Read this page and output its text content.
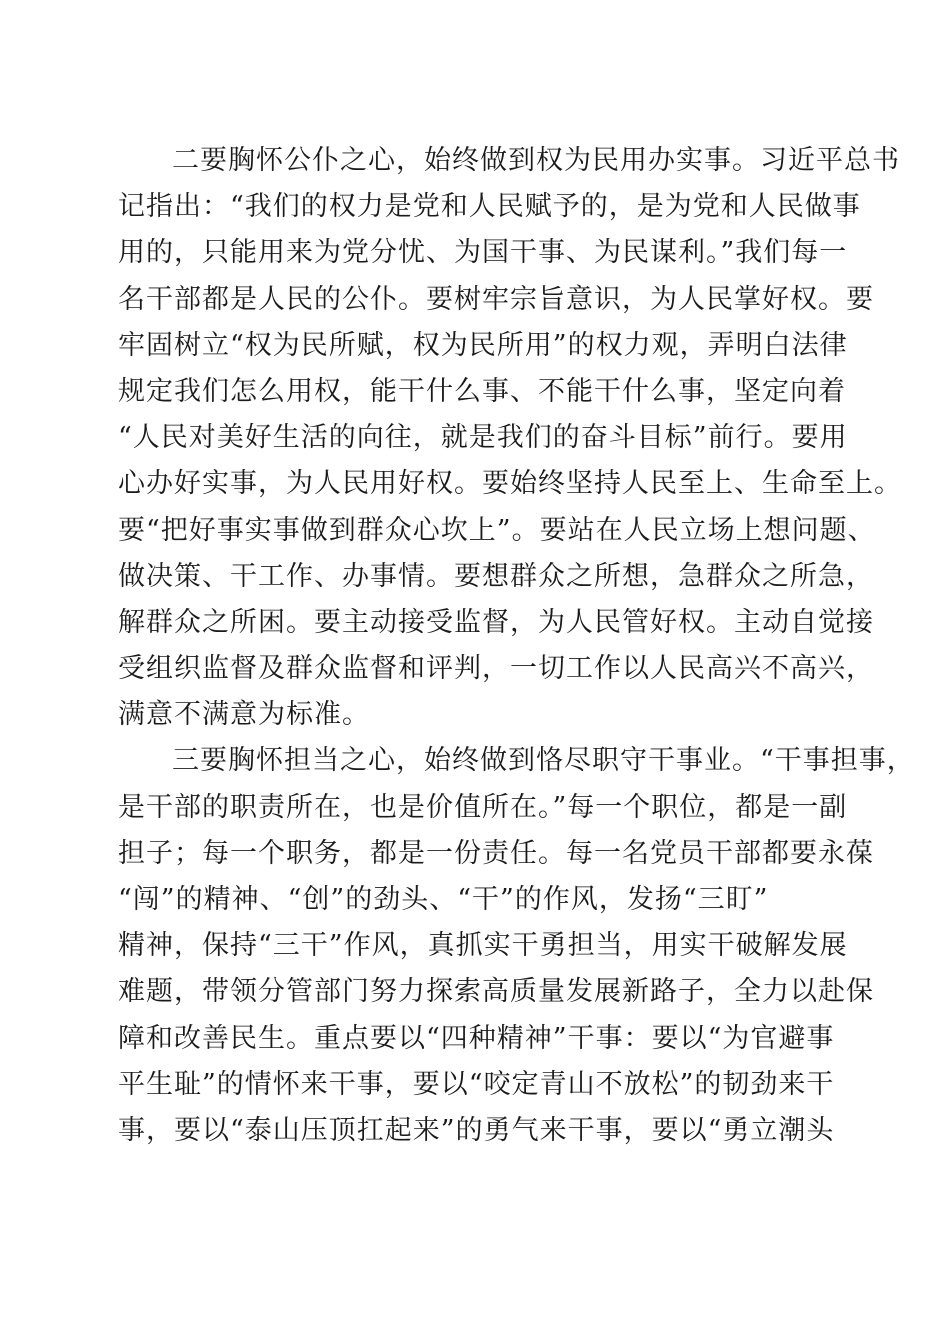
二要胸怀公仆之心，始终做到权为民用办实事。习近平总书
记指出：“我们的权力是党和人民赋予的，是为党和人民做事
用的，只能用来为党分忧、为国干事、为民谋利。”我们每一
名干部都是人民的公仆。要树牢宗旨意识，为人民掌好权。要
牢固树立“权为民所赋，权为民所用”的权力观，弄明白法律
规定我们怎么用权，能干什么事、不能干什么事，坚定向着
“人民对美好生活的向往，就是我们的奋斗目标”前行。要用
心办好实事，为人民用好权。要始终坚持人民至上、生命至上。
要“把好事实事做到群众心坎上”。要站在人民立场上想问题、
做决策、干工作、办事情。要想群众之所想，急群众之所急，
解群众之所困。要主动接受监督，为人民管好权。主动自觉接
受组织监督及群众监督和评判，一切工作以人民高兴不高兴，
满意不满意为标准。
三要胸怀担当之心，始终做到恪尽职守干事业。“干事担事，
是干部的职责所在，也是价值所在。”每一个职位，都是一副
担子；每一个职务，都是一份责任。每一名党员干部都要永葆
“闯”的精神、“创”的劲头、“干”的作风，发扬“三盯”
精神，保持“三干”作风，真抓实干勇担当，用实干破解发展
难题，带领分管部门努力探索高质量发展新路子，全力以赴保
障和改善民生。重点要以“四种精神”干事：要以“为官避事
平生耻”的情怀来干事，要以“咬定青山不放松”的韧劲来干
事，要以“泰山压顶扛起来”的勇气来干事，要以“勇立潮头
